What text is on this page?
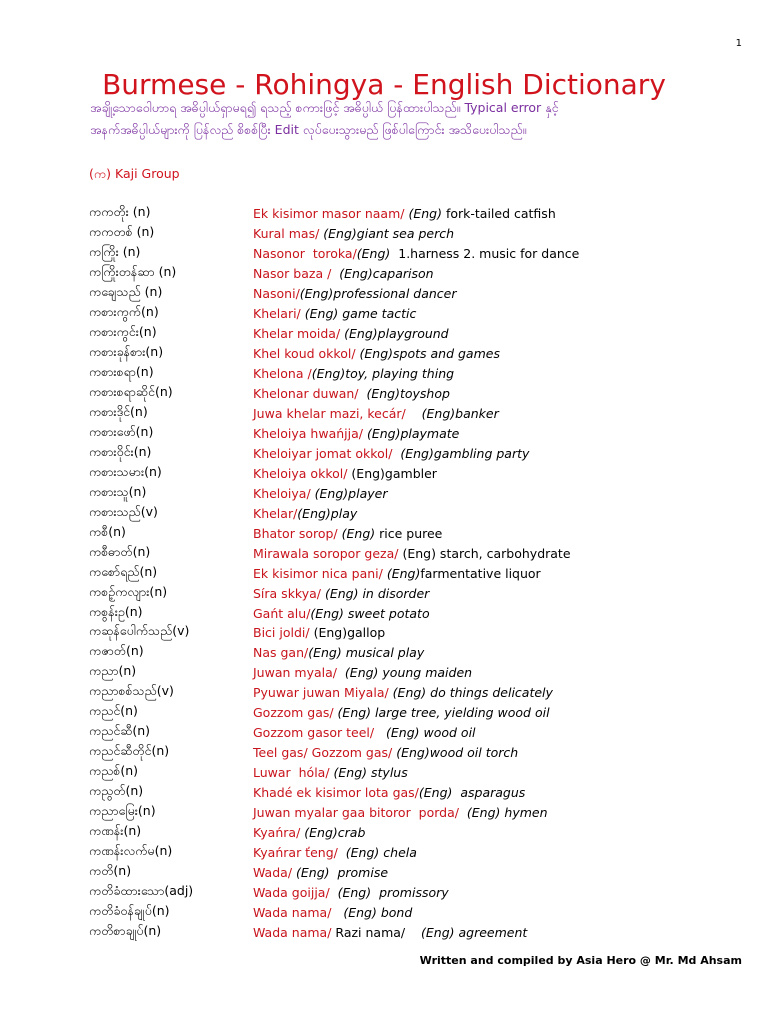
1
Burmese - Rohingya - English Dictionary
အချို့သောဝေါဟာရ အဓိပ္ပါယ်ရှာမရ၍ ရသည့် စကားဖြင့် အဓိပ္ပါယ် ပြန်ထားပါသည်။ Typical error နှင့်
အနက်အဓိပ္ပါယ်များကို ပြန်လည် စိစစ်ပြီး Edit လုပ်ပေးသွားမည် ဖြစ်ပါကြောင်း အသိပေးပါသည်။
(က) Kaji Group
ကကတိုး (n)	Ek kisimor masor naam/ (Eng) fork-tailed catfish
ကကတစ် (n)	Kural mas/ (Eng)giant sea perch
ကကြိုး (n)	Nasonor  toroka/(Eng)  1.harness 2. music for dance
ကကြိုးတန်ဆာ (n)	Nasor baza /  (Eng)caparison
ကချေသည် (n)	Nasoni/(Eng)professional dancer
ကစားကွက်(n)	Khelari/ (Eng) game tactic
ကစားကွင်း(n)	Khelar moida/ (Eng)playground
ကစားခုန်စား(n)	Khel koud okkol/ (Eng)spots and games
ကစားစရာ(n)	Khelona /(Eng)toy, playing thing
ကစားစရာဆိုင်(n)	Khelonar duwan/  (Eng)toyshop
ကစားဒိုင်(n)	Juwa khelar mazi, kecár/    (Eng)banker
ကစားဖော်(n)	Kheloiya hwańjja/ (Eng)playmate
ကစားဝိုင်း(n)	Kheloiyar jomat okkol/  (Eng)gambling party
ကစားသမား(n)	Kheloiya okkol/ (Eng)gambler
ကစားသူ(n)	Kheloiya/ (Eng)player
ကစားသည်(v)	Khelar/(Eng)play
ကစီ(n)	Bhator sorop/ (Eng) rice puree
ကစီဓာတ်(n)	Mirawala soropor geza/ (Eng) starch, carbohydrate
ကစော်ရည်(n)	Ek kisimor nica pani/ (Eng)farmentative liquor
ကစဉ့်ကလျား(n)	Síra skkya/ (Eng) in disorder
ကစွန်းဥ(n)	Gańt alu/(Eng) sweet potato
ကဆုန်ပေါက်သည်(v)	Bici joldi/ (Eng)gallop
ကဇာတ်(n)	Nas gan/(Eng) musical play
ကညာ(n)	Juwan myala/  (Eng) young maiden
ကညာစစ်သည်(v)	Pyuwar juwan Miyala/ (Eng) do things delicately
ကညင်(n)	Gozzom gas/ (Eng) large tree, yielding wood oil
ကညင်ဆီ(n)	Gozzom gasor teel/   (Eng) wood oil
ကညင်ဆီတိုင်(n)	Teel gas/ Gozzom gas/ (Eng)wood oil torch
ကညစ်(n)	Luwar  hóla/ (Eng) stylus
ကညွတ်(n)	Khadé ek kisimor lota gas/(Eng)  asparagus
ကညာမြေး(n)	Juwan myalar gaa bitoror  porda/  (Eng) hymen
ကဏန်း(n)	Kyańra/ (Eng)crab
ကဏန်းလက်မ(n)	Kyańrar ťeng/  (Eng) chela
ကတိ(n)	Wada/ (Eng)  promise
ကတိခံထားသော(adj)	Wada goijja/  (Eng)  promissory
ကတိခံဝန်ချုပ်(n)	Wada nama/   (Eng) bond
ကတိစာချုပ်(n)	Wada nama/ Razi nama/    (Eng) agreement
Written and compiled by Asia Hero @ Mr. Md Ahsam
